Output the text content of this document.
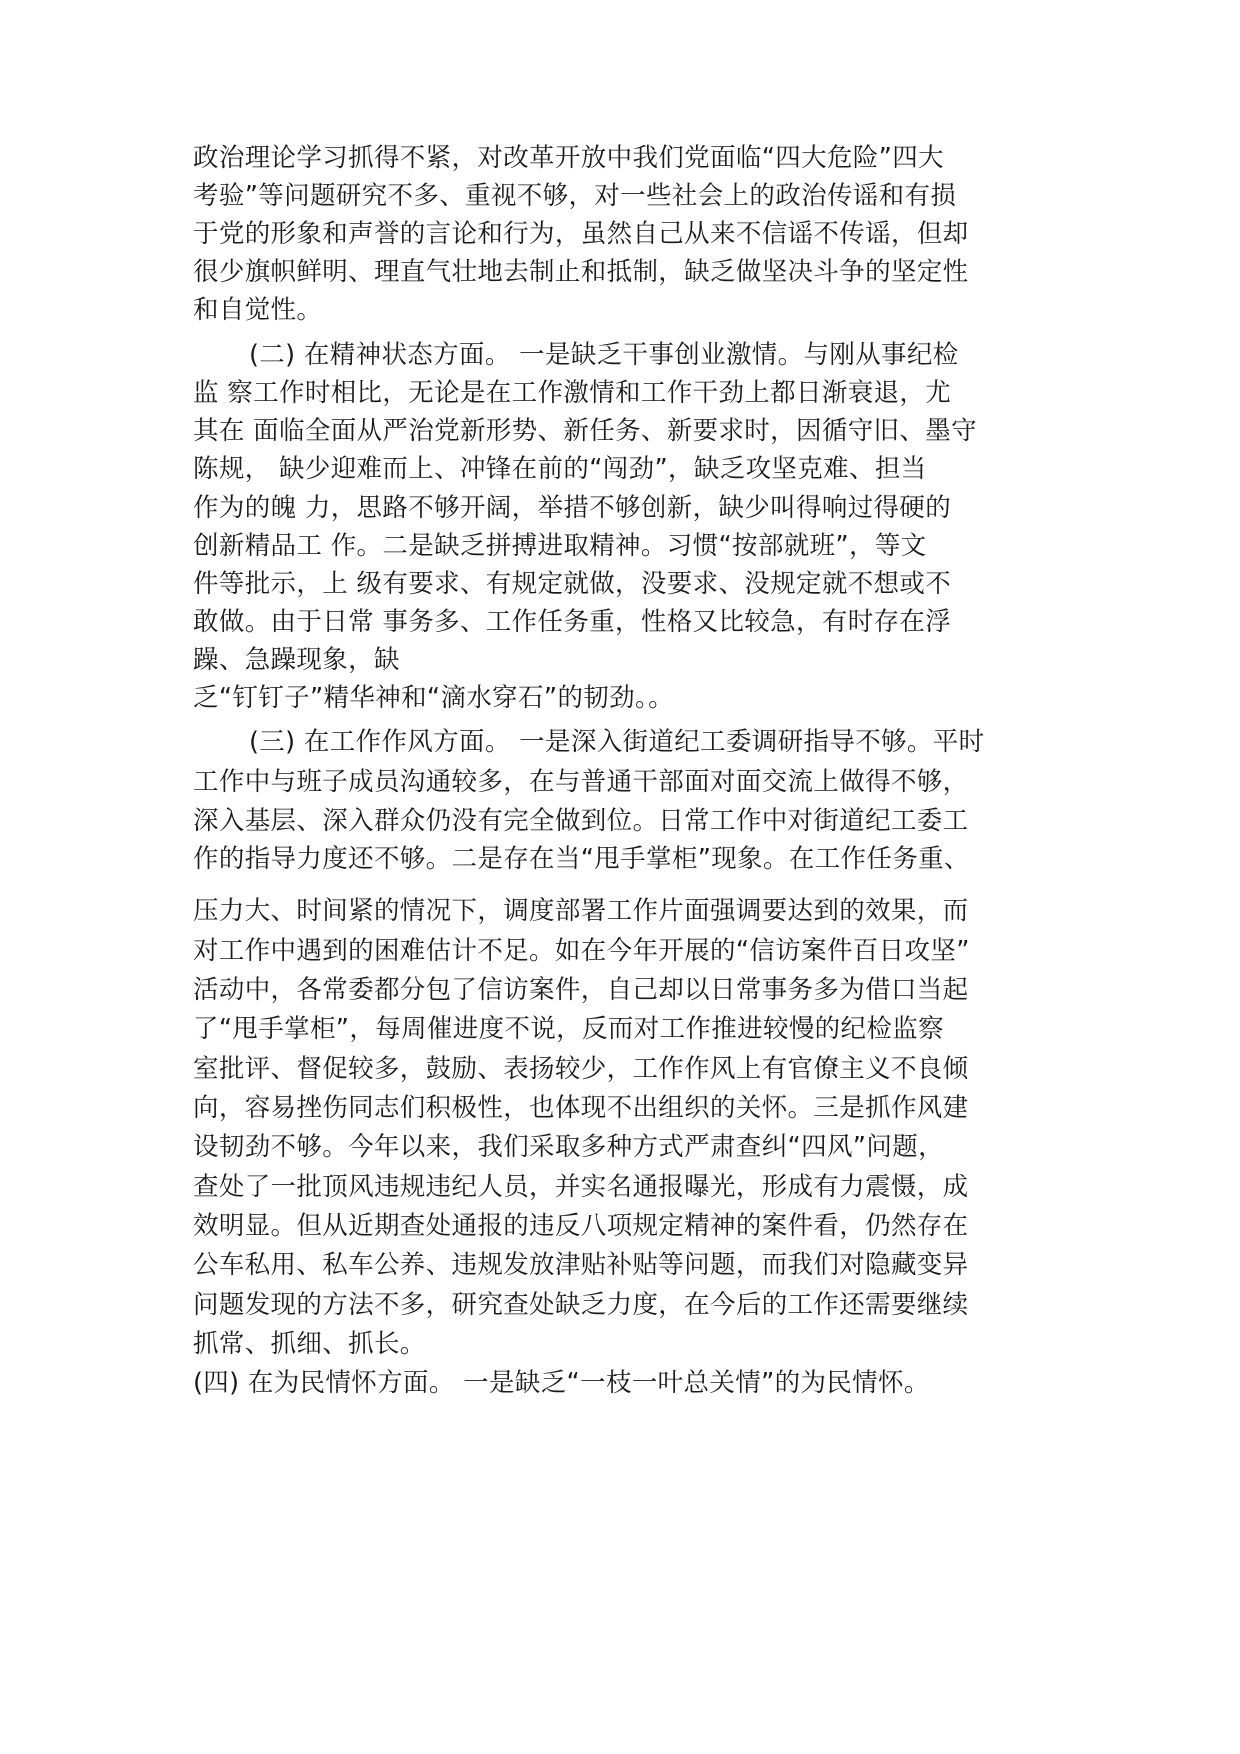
政治理论学习抓得不紧，对改革开放中我们党面临“四大危险”四大
考验”等问题研究不多、重视不够，对一些社会上的政治传谣和有损
于党的形象和声誉的言论和行为，虽然自己从来不信谣不传谣，但却
很少旗帜鲜明、理直气壮地去制止和抵制，缺乏做坚决斗争的坚定性
和自觉性。
(二) 在精神状态方面。 一是缺乏干事创业激情。与刚从事纪检
监 察工作时相比，无论是在工作激情和工作干劲上都日渐衰退，尤
其在 面临全面从严治党新形势、新任务、新要求时，因循守旧、墨守
陈规， 缺少迎难而上、冲锋在前的“闯劲”，缺乏攻坚克难、担当
作为的魄 力，思路不够开阔，举措不够创新，缺少叫得响过得硬的
创新精品工 作。二是缺乏拼搏进取精神。习惯“按部就班”，等文
件等批示，上 级有要求、有规定就做，没要求、没规定就不想或不
敢做。由于日常 事务多、工作任务重，性格又比较急，有时存在浮
躁、急躁现象，缺
乏“钉钉子”精华神和“滴水穿石”的韧劲。。
(三) 在工作作风方面。 一是深入街道纪工委调研指导不够。平时
工作中与班子成员沟通较多，在与普通干部面对面交流上做得不够，
深入基层、深入群众仍没有完全做到位。日常工作中对街道纪工委工
作的指导力度还不够。二是存在当“甩手掌柜”现象。在工作任务重、
压力大、时间紧的情况下，调度部署工作片面强调要达到的效果，而
对工作中遇到的困难估计不足。如在今年开展的“信访案件百日攻坚”
活动中，各常委都分包了信访案件，自己却以日常事务多为借口当起
了“甩手掌柜”，每周催进度不说，反而对工作推进较慢的纪检监察
室批评、督促较多，鼓励、表扬较少，工作作风上有官僚主义不良倾
向，容易挫伤同志们积极性，也体现不出组织的关怀。三是抓作风建
设韧劲不够。今年以来，我们采取多种方式严肃查纠“四风”问题，
查处了一批顶风违规违纪人员，并实名通报曝光，形成有力震慑，成
效明显。但从近期查处通报的违反八项规定精神的案件看，仍然存在
公车私用、私车公养、违规发放津贴补贴等问题，而我们对隐藏变异
问题发现的方法不多，研究查处缺乏力度，在今后的工作还需要继续
抓常、抓细、抓长。
(四) 在为民情怀方面。 一是缺乏“一枝一叶总关情”的为民情怀。
